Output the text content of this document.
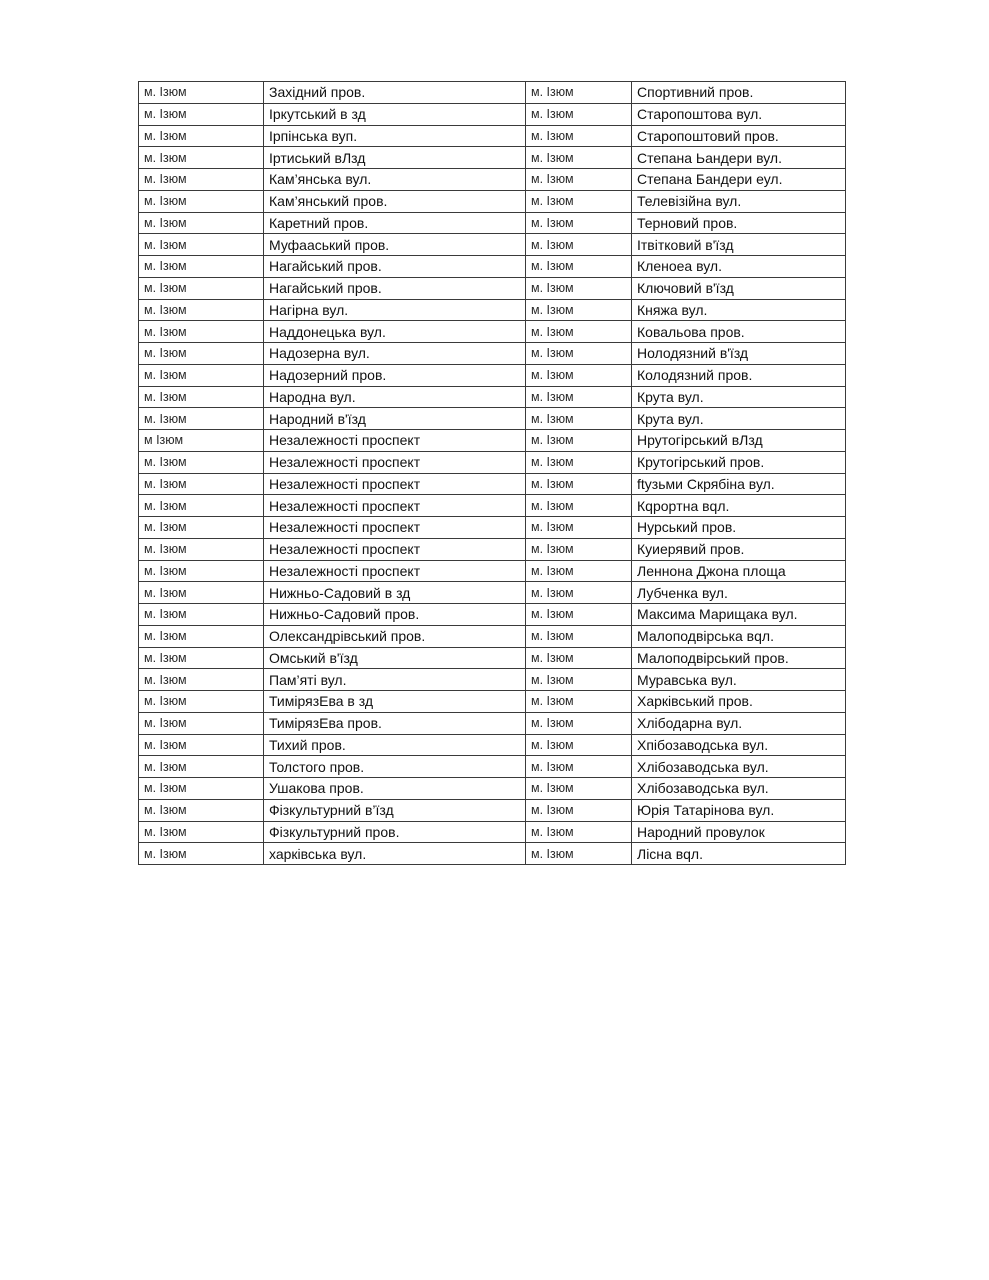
м. Ізюм	Західний пров.	м. Ізюм	Спортивний пров.
м. Ізюм	Іркутський в зд	м. Ізюм	Старопоштова вул.
м. Ізюм	Ірпінська вуп.	м. Ізюм	Старопоштовий пров.
м. Ізюм	Іртиський вЛзд	м. Ізюм	Степана Ьандери вул.
м. Ізюм	Кам’янська вул.	м. Ізюм	Степана Бандери еул.
м. Ізюм	Кам’янський пров.	м. Ізюм	Телевізійна вул.
м. Ізюм	Каретний пров.	м. Ізюм	Терновий пров.
м. Ізюм	Муфааський пров.	м. Ізюм	Ітвітковий в'їзд
м. Ізюм	Нагайський пров.	м. Ізюм	Кленоеа вул.
м. Ізюм	Нагайський пров.	м. Ізюм	Ключовий в'їзд
м. Ізюм	Нагірна вул.	м. Ізюм	Княжа вул.
м. Ізюм	Наддонецька вул.	м. Ізюм	Ковальова пров.
м. Ізюм	Надозерна вул.	м. Ізюм	Нолодязний в'їзд
м. Ізюм	Надозерний пров.	м. Ізюм	Колодязний пров.
м. Ізюм	Народна вул.	м. Ізюм	Крута вул.
м. Ізюм	Народний в'їзд	м. Ізюм	Крута вул.
м Ізюм	Незалежності проспект	м. Ізюм	Нрутогірський вЛзд
м. Ізюм	Незалежності проспект	м. Ізюм	Крутогірський пров.
м. Ізюм	Незалежності проспект	м. Ізюм	ftyзьми Скрябіна вул.
м. Ізюм	Незалежності проспект	м. Ізюм	Кqроpтна вqл.
м. Ізюм	Незалежності проспект	м. Ізюм	Нурський пров.
м. Ізюм	Незалежності проспект	м. Ізюм	Куиерявий пров.
м. Ізюм	Незалежності проспект	м. Ізюм	Леннона Джона площа
м. Ізюм	Нижньо-Садовий в зд	м. Ізюм	Лубченка вул.
м. Ізюм	Нижньо-Садовий пров.	м. Ізюм	Максима Марищака вул.
м. Ізюм	Олександрівський пров.	м. Ізюм	Малоподвірська вqл.
м. Ізюм	Омський в'їзд	м. Ізюм	Малоподвірський пров.
м. Ізюм	Пам’яті вул.	м. Ізюм	Муравська вул.
м. Ізюм	ТимірязЕва в зд	м. Ізюм	Харківський пров.
м. Ізюм	ТимірязЕва пров.	м. Ізюм	Хлібодарна вул.
м. Ізюм	Тихий пров.	м. Ізюм	Хпібозаводська вул.
м. Ізюм	Толстого пров.	м. Ізюм	Хлібозаводська вул.
м. Ізюм	Ушакова пров.	м. Ізюм	Хлібозаводська вул.
м. Ізюм	Фізкультурний в’їзд	м. Ізюм	Юрія Татарінова вул.
м. Ізюм	Фізкультурний пров.	м. Ізюм	Народний провулок
м. Ізюм	харківська вул.	м. Ізюм	Лісна вqл.
